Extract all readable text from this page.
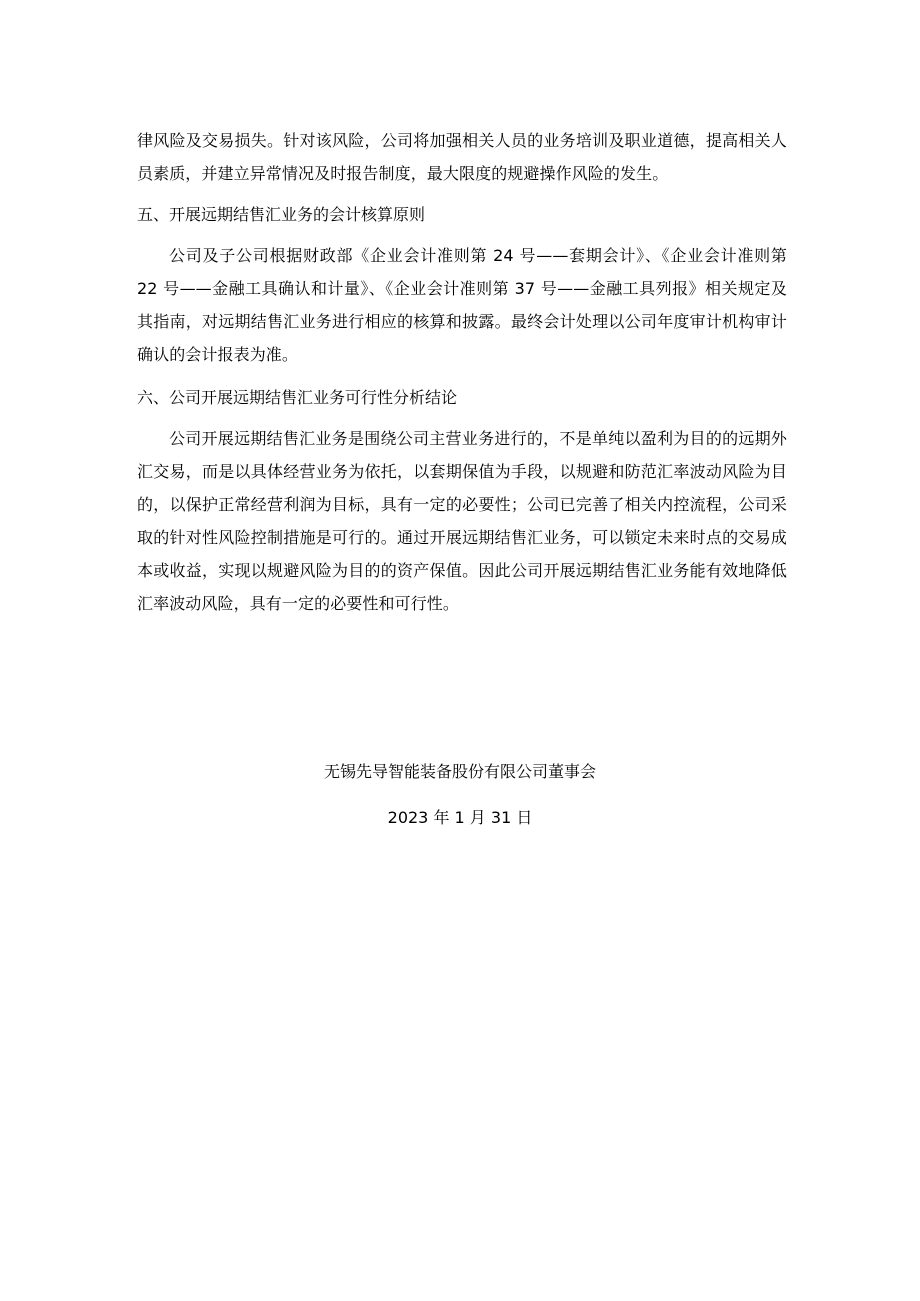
律风险及交易损失。针对该风险，公司将加强相关人员的业务培训及职业道德，提高相关人员素质，并建立异常情况及时报告制度，最大限度的规避操作风险的发生。

五、开展远期结售汇业务的会计核算原则

公司及子公司根据财政部《企业会计准则第 24 号——套期会计》、《企业会计准则第 22 号——金融工具确认和计量》、《企业会计准则第 37 号——金融工具列报》相关规定及其指南，对远期结售汇业务进行相应的核算和披露。最终会计处理以公司年度审计机构审计确认的会计报表为准。

六、公司开展远期结售汇业务可行性分析结论

公司开展远期结售汇业务是围绕公司主营业务进行的，不是单纯以盈利为目的的远期外汇交易，而是以具体经营业务为依托，以套期保值为手段，以规避和防范汇率波动风险为目的，以保护正常经营利润为目标，具有一定的必要性；公司已完善了相关内控流程，公司采取的针对性风险控制措施是可行的。通过开展远期结售汇业务，可以锁定未来时点的交易成本或收益，实现以规避风险为目的的资产保值。因此公司开展远期结售汇业务能有效地降低汇率波动风险，具有一定的必要性和可行性。

无锡先导智能装备股份有限公司董事会
2023 年 1 月 31 日
